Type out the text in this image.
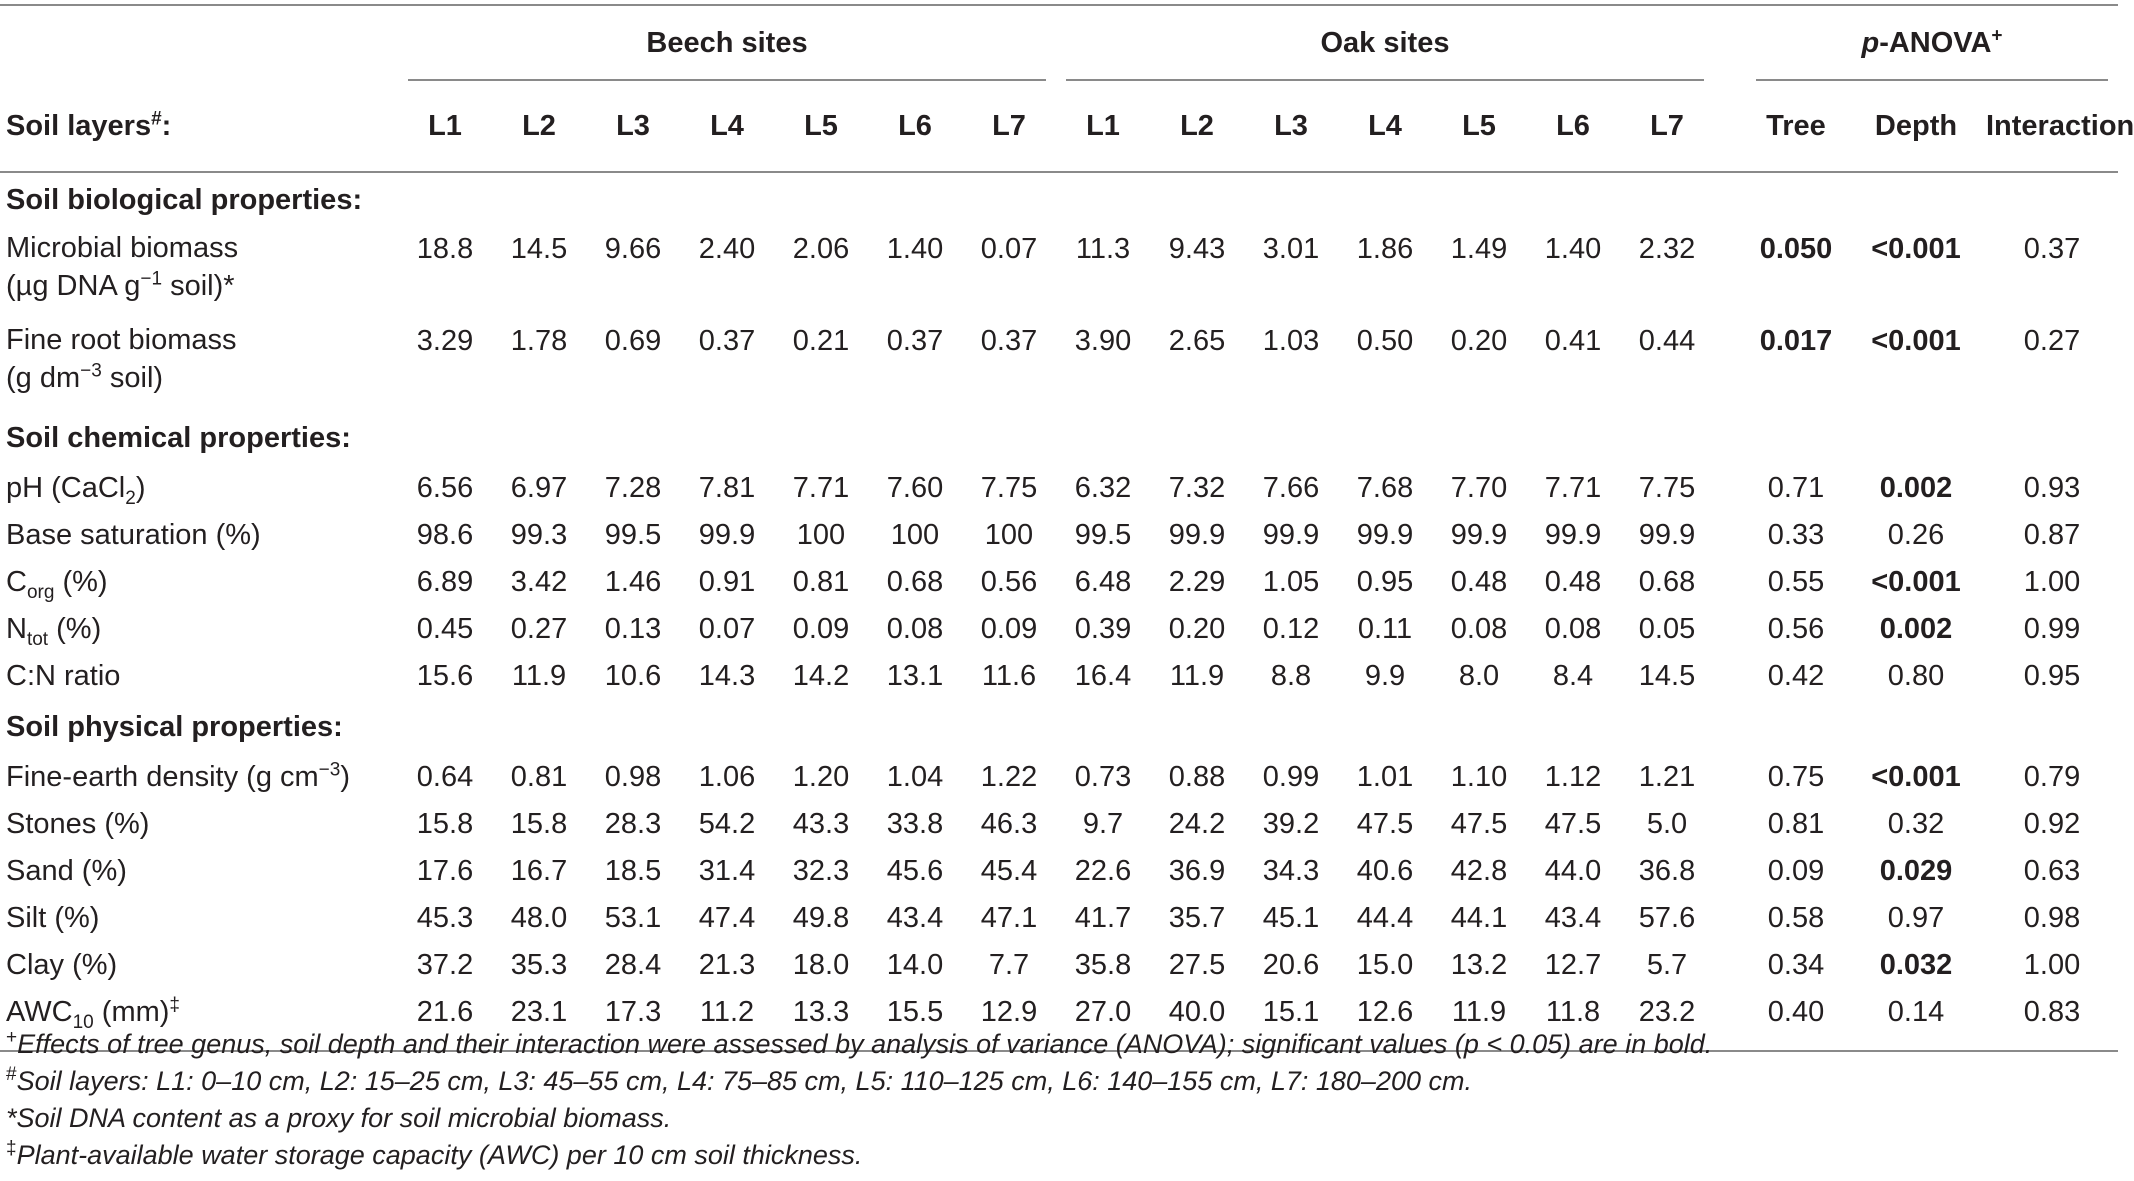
	Beech sites							Oak sites								p-ANOVA+
Soil layers#:	L1	L2	L3	L4	L5	L6	L7	L1	L2	L3	L4	L5	L6	L7		Tree	Depth	Interaction
Soil biological properties:																		
Microbial biomass
(µg DNA $g^{-1}$ soil)*	18.8	14.5	9.66	2.40	2.06	1.40	0.07	11.3	9.43	3.01	1.86	1.49	1.40	2.32		0.050	<0.001	0.37
Fine root biomass
(g $dm^{-3}$ soil)	3.29	1.78	0.69	0.37	0.21	0.37	0.37	3.90	2.65	1.03	0.50	0.20	0.41	0.44		0.017	<0.001	0.27
Soil chemical properties:																		
pH (CaCl$_2$)	6.56	6.97	7.28	7.81	7.71	7.60	7.75	6.32	7.32	7.66	7.68	7.70	7.71	7.75		0.71	0.002	0.93
Base saturation (%)	98.6	99.3	99.5	99.9	100	100	100	99.5	99.9	99.9	99.9	99.9	99.9	99.9		0.33	0.26	0.87
$C_{org}$ (%)	6.89	3.42	1.46	0.91	0.81	0.68	0.56	6.48	2.29	1.05	0.95	0.48	0.48	0.68		0.55	<0.001	1.00
$N_{tot}$ (%)	0.45	0.27	0.13	0.07	0.09	0.08	0.09	0.39	0.20	0.12	0.11	0.08	0.08	0.05		0.56	0.002	0.99
C:N ratio	15.6	11.9	10.6	14.3	14.2	13.1	11.6	16.4	11.9	8.8	9.9	8.0	8.4	14.5		0.42	0.80	0.95
Soil physical properties:																		
Fine-earth density (g $cm^{-3}$)	0.64	0.81	0.98	1.06	1.20	1.04	1.22	0.73	0.88	0.99	1.01	1.10	1.12	1.21		0.75	<0.001	0.79
Stones (%)	15.8	15.8	28.3	54.2	43.3	33.8	46.3	9.7	24.2	39.2	47.5	47.5	47.5	5.0		0.81	0.32	0.92
Sand (%)	17.6	16.7	18.5	31.4	32.3	45.6	45.4	22.6	36.9	34.3	40.6	42.8	44.0	36.8		0.09	0.029	0.63
Silt (%)	45.3	48.0	53.1	47.4	49.8	43.4	47.1	41.7	35.7	45.1	44.4	44.1	43.4	57.6		0.58	0.97	0.98
Clay (%)	37.2	35.3	28.4	21.3	18.0	14.0	7.7	35.8	27.5	20.6	15.0	13.2	12.7	5.7		0.34	0.032	1.00
$AWC_{10}$ (mm)‡	21.6	23.1	17.3	11.2	13.3	15.5	12.9	27.0	40.0	15.1	12.6	11.9	11.8	23.2		0.40	0.14	0.83

+Effects of tree genus, soil depth and their interaction were assessed by analysis of variance (ANOVA); significant values (p < 0.05) are in bold.
#Soil layers: L1: 0–10 cm, L2: 15–25 cm, L3: 45–55 cm, L4: 75–85 cm, L5: 110–125 cm, L6: 140–155 cm, L7: 180–200 cm.
*Soil DNA content as a proxy for soil microbial biomass.
‡Plant-available water storage capacity (AWC) per 10 cm soil thickness.
